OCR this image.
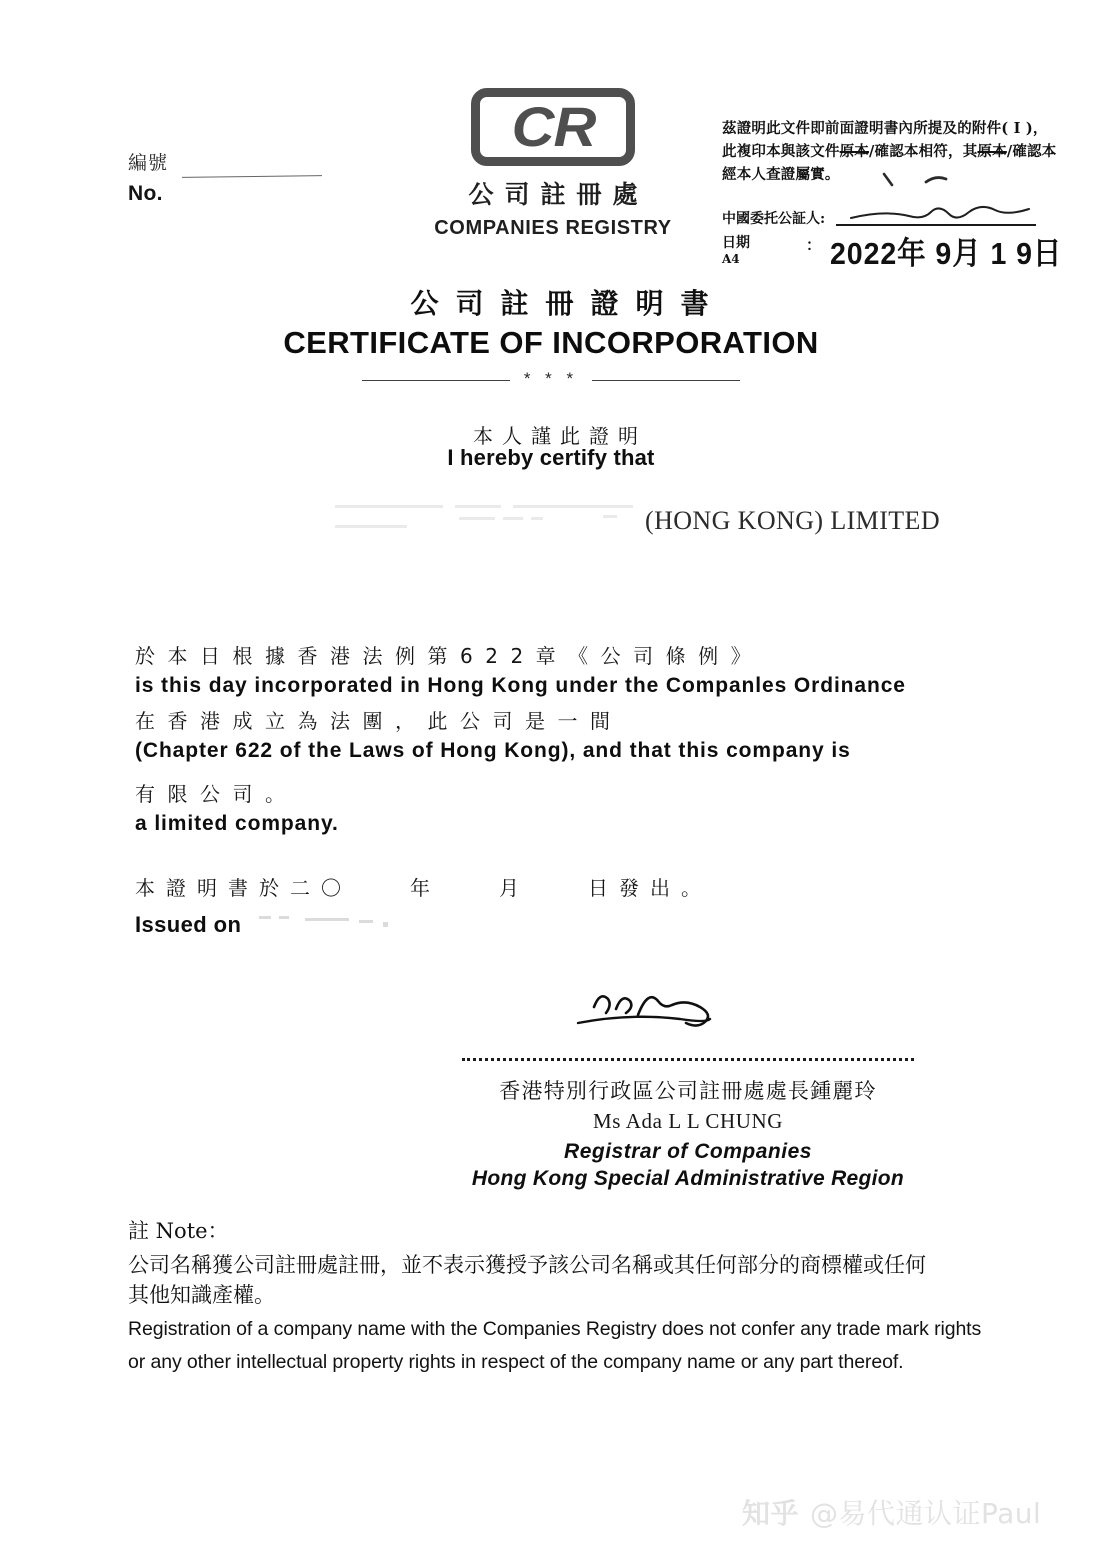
編號
No.
CR
公司註冊處
COMPANIES REGISTRY
茲證明此文件即前面證明書內所提及的附件( Ⅰ )，
此複印本與該文件原本/確認本相符，其原本/確認本
經本人查證屬實。
中國委托公証人:
日期	： 2022年 9月 1 9日
A4
公司註冊證明書
CERTIFICATE OF INCORPORATION
* * *
本人謹此證明
I hereby certify that
(HONG KONG) LIMITED
於本日根據香港法例第622章《公司條例》
is this day incorporated in Hong Kong under the Companles Ordinance
在香港成立為法團，此公司是一間
(Chapter 622 of the Laws of Hong Kong), and that this company is
有限公司。
a limited company.
本證明書於二〇	年	月	日發出。
Issued on
香港特別行政區公司註冊處處長鍾麗玲
Ms Ada L L CHUNG
Registrar of Companies
Hong Kong Special Administrative Region
註 Note：
公司名稱獲公司註冊處註冊，並不表示獲授予該公司名稱或其任何部分的商標權或任何
其他知識產權。
Registration of a company name with the Companies Registry does not confer any trade mark rights
or any other intellectual property rights in respect of the company name or any part thereof.
知乎 @易代通认证Paul
